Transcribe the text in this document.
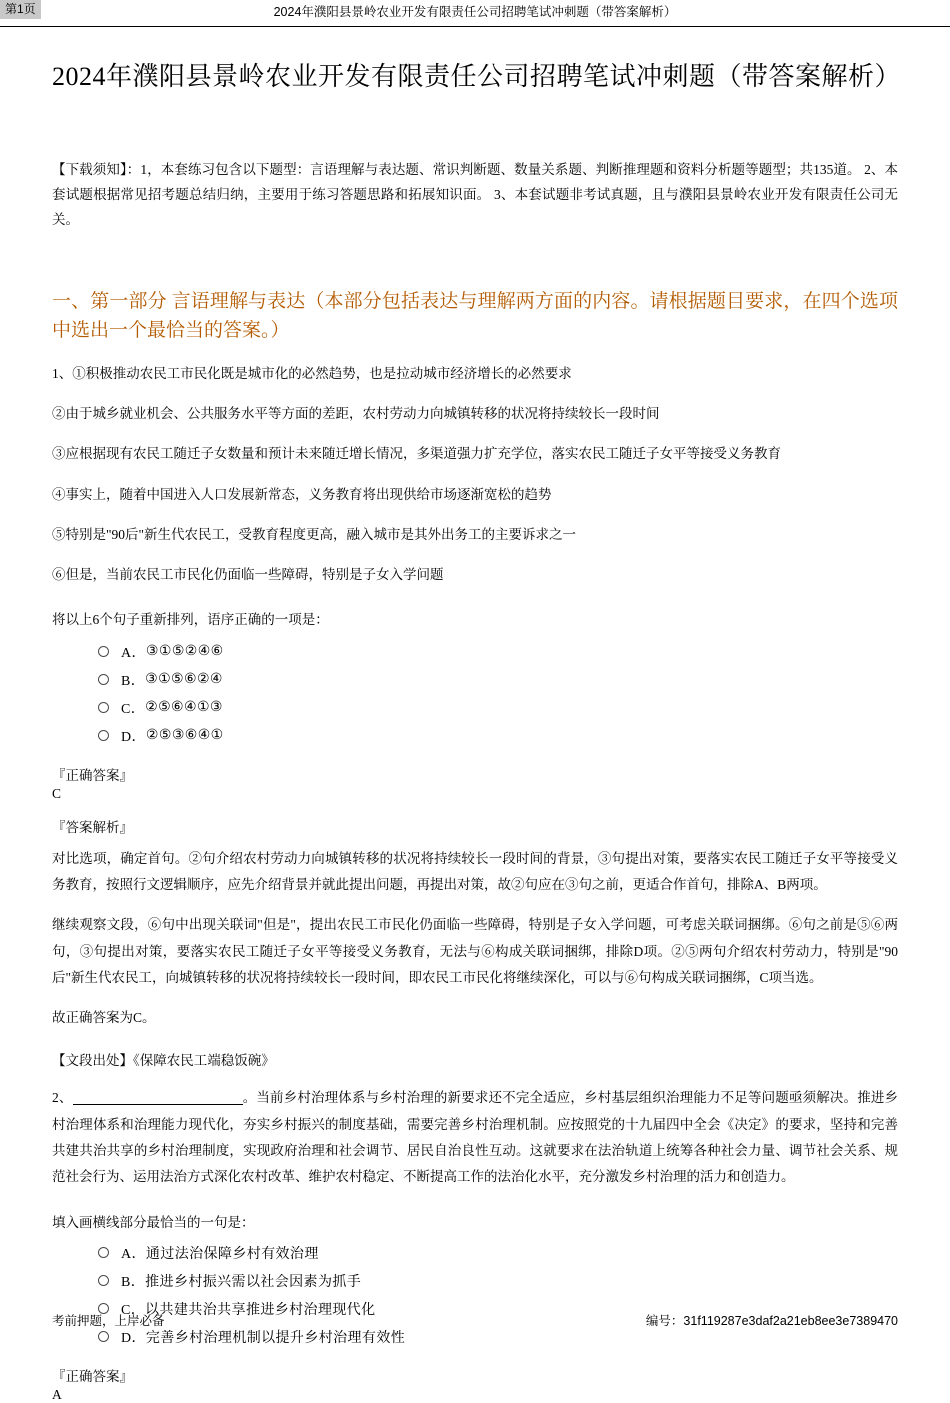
第1页	2024年濮阳县景岭农业开发有限责任公司招聘笔试冲刺题（带答案解析）
2024年濮阳县景岭农业开发有限责任公司招聘笔试冲刺题（带答案解析）
【下载须知】：1，本套练习包含以下题型：言语理解与表达题、常识判断题、数量关系题、判断推理题和资料分析题等题型；共135道。 2、本套试题根据常见招考题总结归纳，主要用于练习答题思路和拓展知识面。 3、本套试题非考试真题，且与濮阳县景岭农业开发有限责任公司无关。
一、第一部分 言语理解与表达（本部分包括表达与理解两方面的内容。请根据题目要求，在四个选项中选出一个最恰当的答案。）
1、①积极推动农民工市民化既是城市化的必然趋势，也是拉动城市经济增长的必然要求
②由于城乡就业机会、公共服务水平等方面的差距，农村劳动力向城镇转移的状况将持续较长一段时间
③应根据现有农民工随迁子女数量和预计未来随迁增长情况，多渠道强力扩充学位，落实农民工随迁子女平等接受义务教育
④事实上，随着中国进入人口发展新常态，义务教育将出现供给市场逐渐宽松的趋势
⑤特别是"90后"新生代农民工，受教育程度更高，融入城市是其外出务工的主要诉求之一
⑥但是，当前农民工市民化仍面临一些障碍，特别是子女入学问题
将以上6个句子重新排列，语序正确的一项是：
A． ③①⑤②④⑥
B． ③①⑤⑥②④
C． ②⑤⑥④①③
D． ②⑤③⑥④①
『正确答案』
C
『答案解析』
对比选项，确定首句。②句介绍农村劳动力向城镇转移的状况将持续较长一段时间的背景，③句提出对策，要落实农民工随迁子女平等接受义务教育，按照行文逻辑顺序，应先介绍背景并就此提出问题，再提出对策，故②句应在③句之前，更适合作首句，排除A、B两项。
继续观察文段，⑥句中出现关联词"但是"，提出农民工市民化仍面临一些障碍，特别是子女入学问题，可考虑关联词捆绑。⑥句之前是⑤⑥两句，③句提出对策，要落实农民工随迁子女平等接受义务教育，无法与⑥构成关联词捆绑，排除D项。②⑤两句介绍农村劳动力，特别是"90后"新生代农民工，向城镇转移的状况将持续较长一段时间，即农民工市民化将继续深化，可以与⑥句构成关联词捆绑，C项当选。
故正确答案为C。
【文段出处】《保障农民工端稳饭碗》
2、	。当前乡村治理体系与乡村治理的新要求还不完全适应，乡村基层组织治理能力不足等问题亟须解决。推进乡村治理体系和治理能力现代化，夯实乡村振兴的制度基础，需要完善乡村治理机制。应按照党的十九届四中全会《决定》的要求，坚持和完善共建共治共享的乡村治理制度，实现政府治理和社会调节、居民自治良性互动。这就要求在法治轨道上统筹各种社会力量、调节社会关系、规范社会行为、运用法治方式深化农村改革、维护农村稳定、不断提高工作的法治化水平，充分激发乡村治理的活力和创造力。
填入画横线部分最恰当的一句是：
A． 通过法治保障乡村有效治理
B． 推进乡村振兴需以社会因素为抓手
C． 以共建共治共享推进乡村治理现代化
D． 完善乡村治理机制以提升乡村治理有效性
『正确答案』
A
考前押题，上岸必备	编号：31f119287e3daf2a21eb8ee3e7389470
